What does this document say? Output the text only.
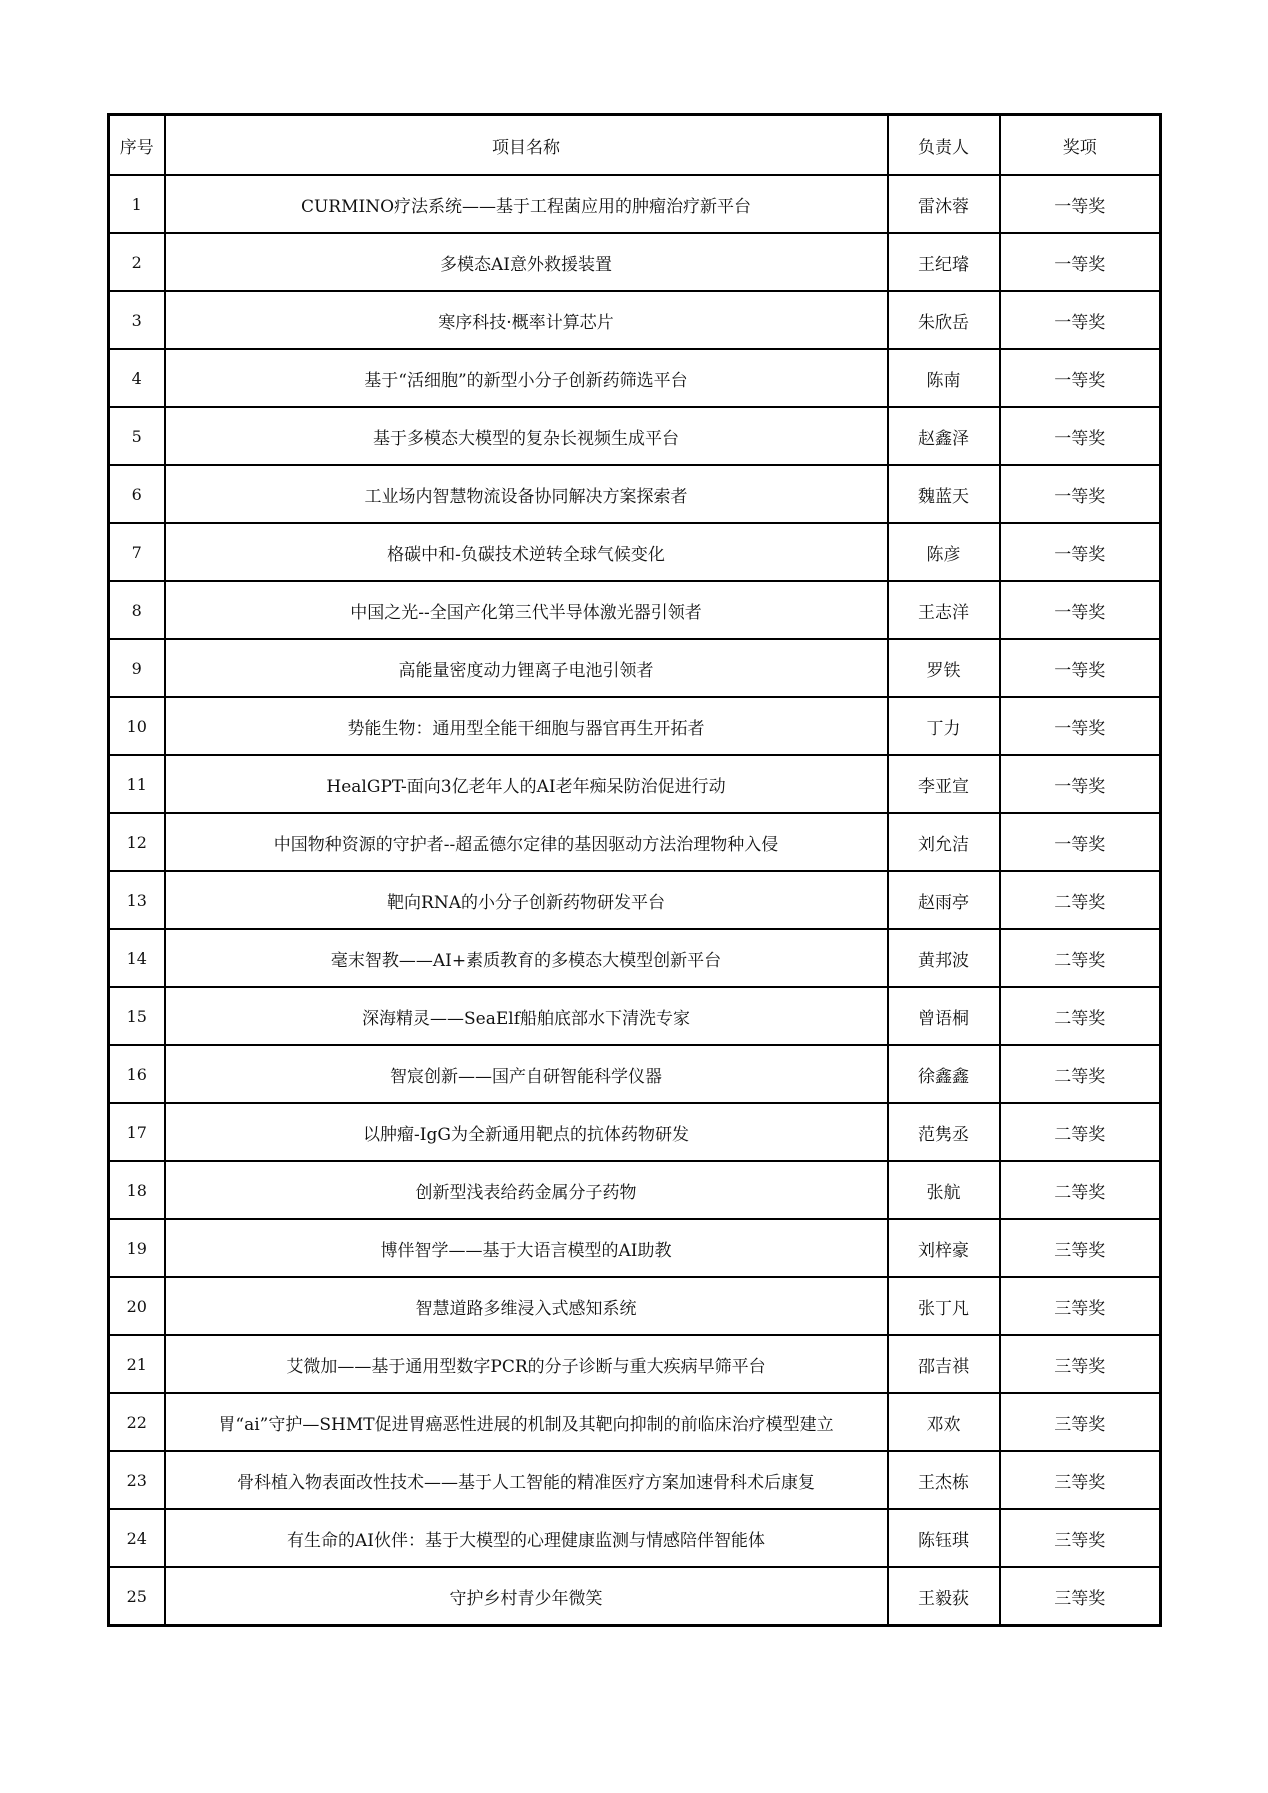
序号	项目名称	负责人	奖项
1	CURMINO疗法系统——基于工程菌应用的肿瘤治疗新平台	雷沐蓉	一等奖
2	多模态AI意外救援装置	王纪璿	一等奖
3	寒序科技·概率计算芯片	朱欣岳	一等奖
4	基于“活细胞”的新型小分子创新药筛选平台	陈南	一等奖
5	基于多模态大模型的复杂长视频生成平台	赵鑫泽	一等奖
6	工业场内智慧物流设备协同解决方案探索者	魏蓝天	一等奖
7	格碳中和-负碳技术逆转全球气候变化	陈彦	一等奖
8	中国之光--全国产化第三代半导体激光器引领者	王志洋	一等奖
9	高能量密度动力锂离子电池引领者	罗铁	一等奖
10	势能生物：通用型全能干细胞与器官再生开拓者	丁力	一等奖
11	HealGPT-面向3亿老年人的AI老年痴呆防治促进行动	李亚宣	一等奖
12	中国物种资源的守护者--超孟德尔定律的基因驱动方法治理物种入侵	刘允洁	一等奖
13	靶向RNA的小分子创新药物研发平台	赵雨亭	二等奖
14	毫末智教——AI+素质教育的多模态大模型创新平台	黄邦波	二等奖
15	深海精灵——SeaElf船舶底部水下清洗专家	曾语桐	二等奖
16	智宸创新——国产自研智能科学仪器	徐鑫鑫	二等奖
17	以肿瘤-IgG为全新通用靶点的抗体药物研发	范隽丞	二等奖
18	创新型浅表给药金属分子药物	张航	二等奖
19	博伴智学——基于大语言模型的AI助教	刘梓豪	三等奖
20	智慧道路多维浸入式感知系统	张丁凡	三等奖
21	艾微加——基于通用型数字PCR的分子诊断与重大疾病早筛平台	邵吉祺	三等奖
22	胃“ai”守护—SHMT促进胃癌恶性进展的机制及其靶向抑制的前临床治疗模型建立	邓欢	三等奖
23	骨科植入物表面改性技术——基于人工智能的精准医疗方案加速骨科术后康复	王杰栋	三等奖
24	有生命的AI伙伴：基于大模型的心理健康监测与情感陪伴智能体	陈钰琪	三等奖
25	守护乡村青少年微笑	王毅荻	三等奖
